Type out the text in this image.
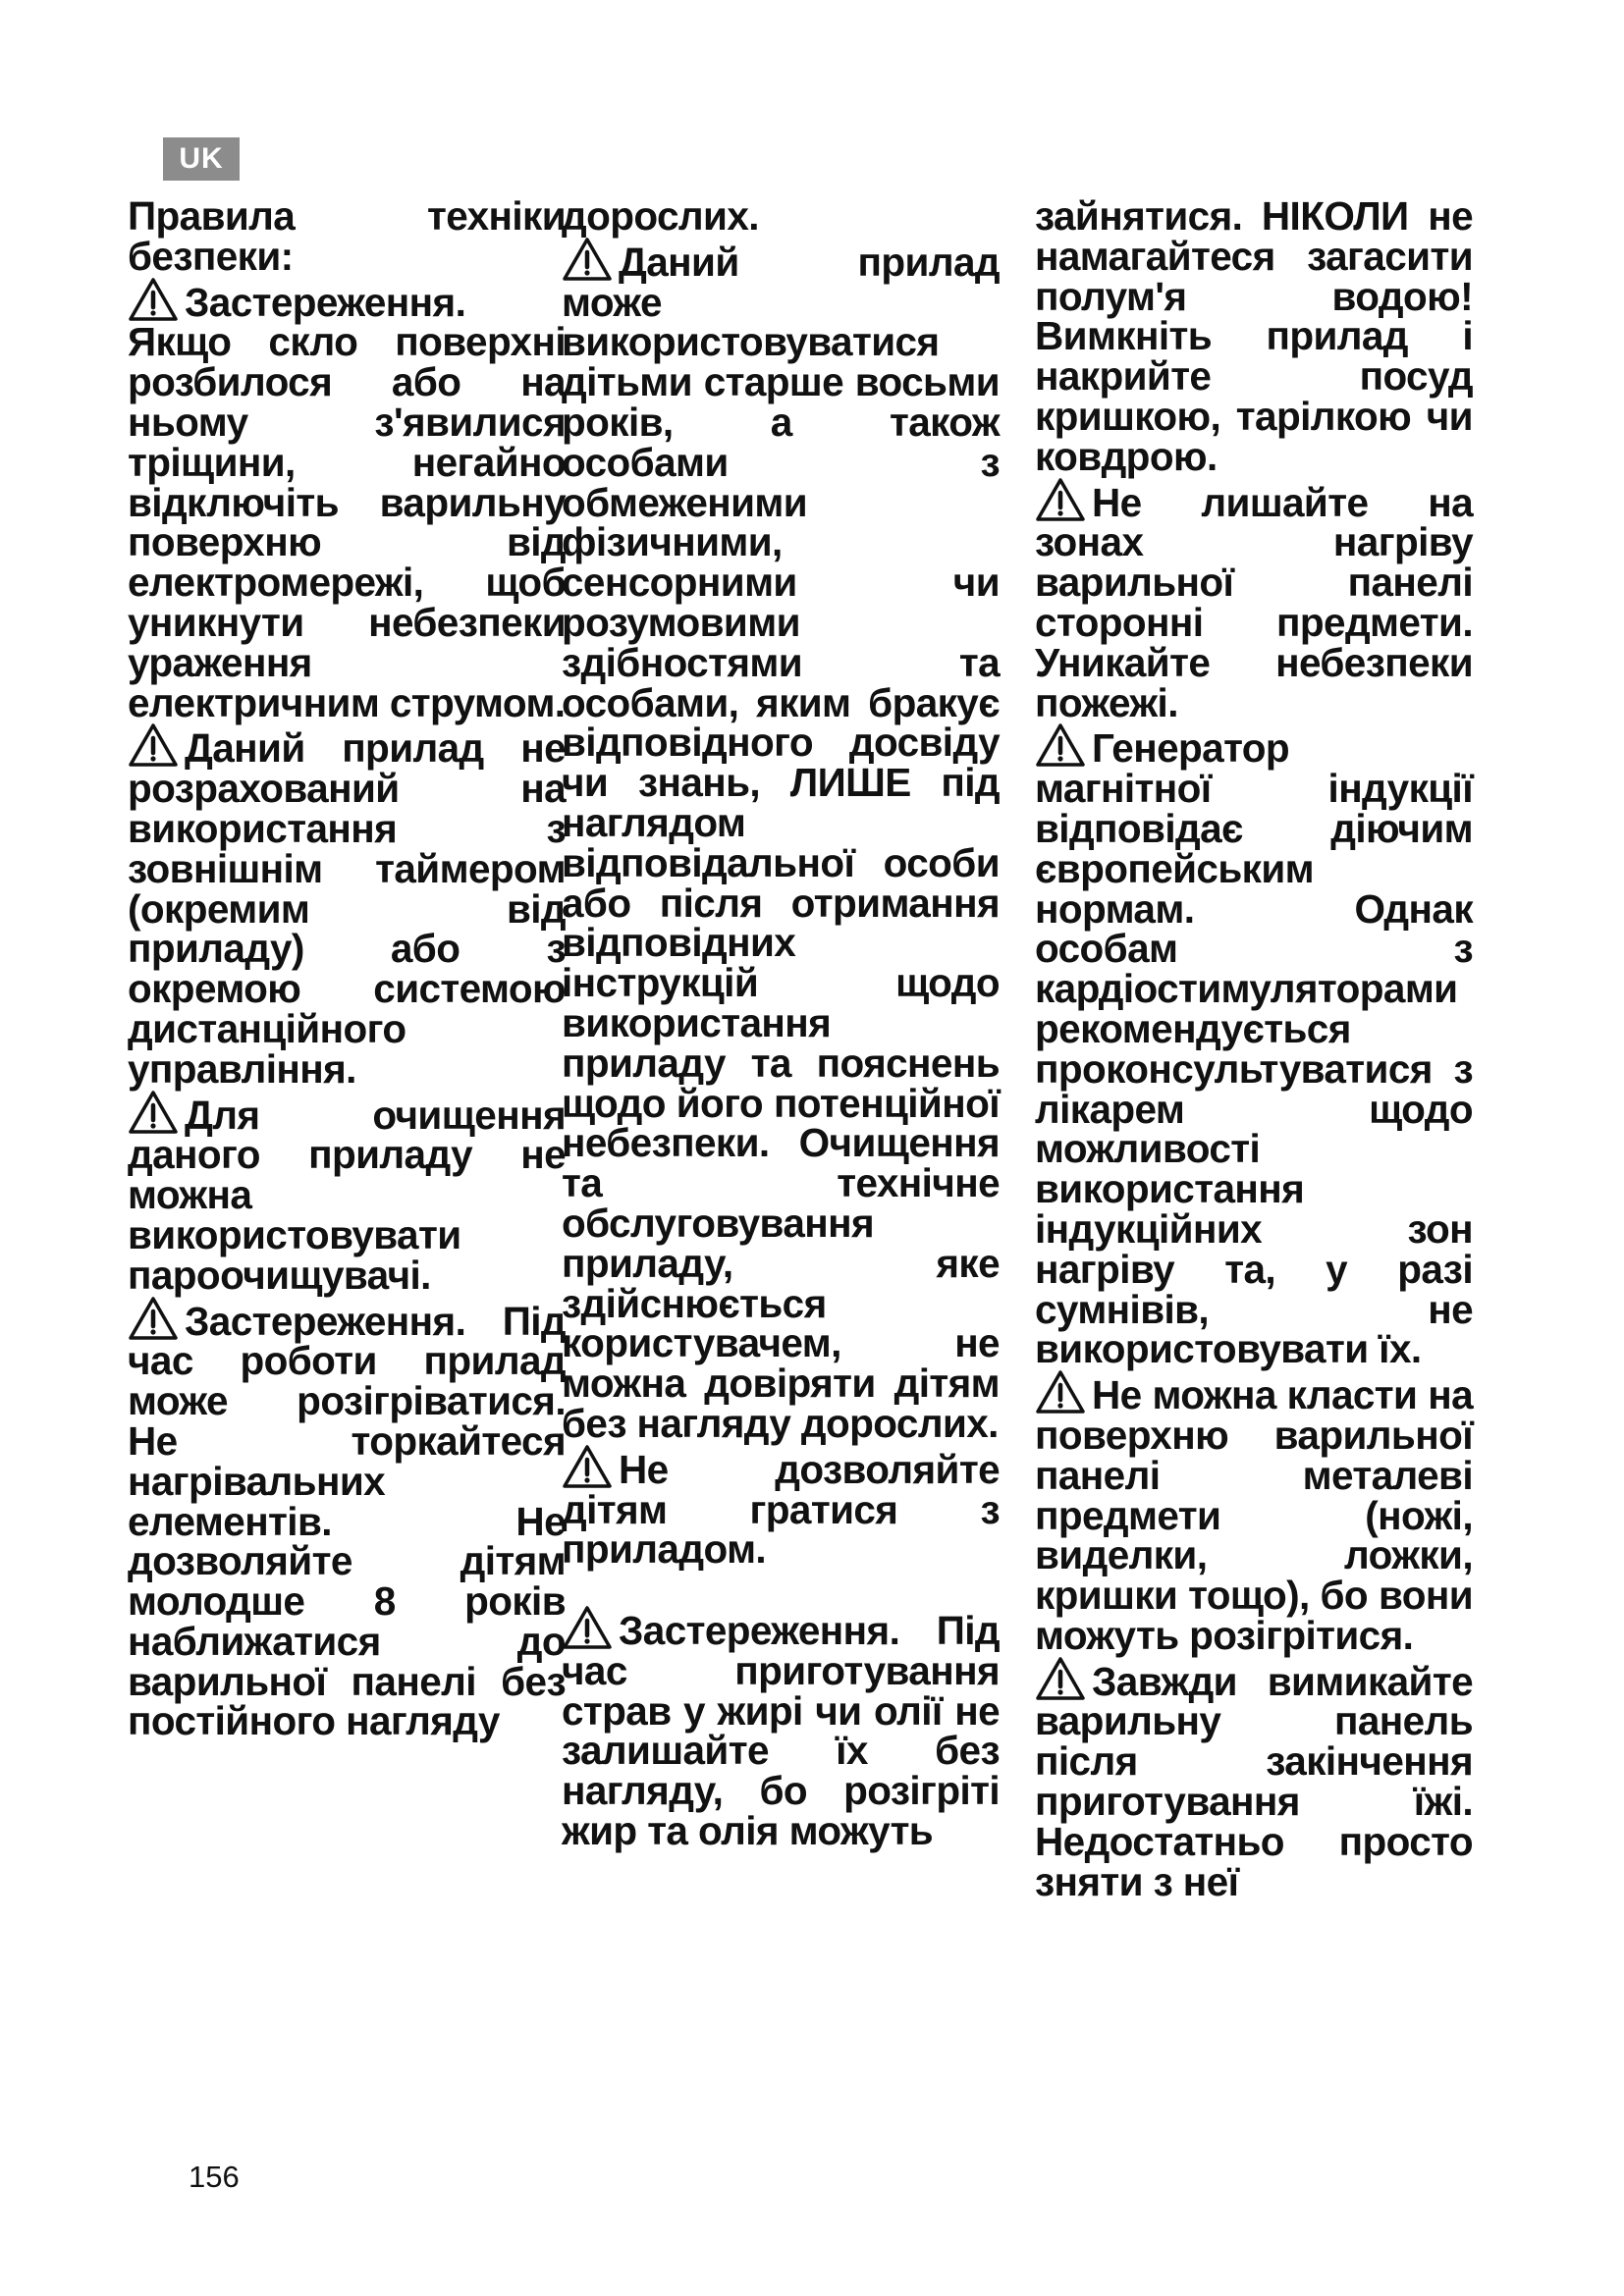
UK

Правила техніки безпеки:

Застереження. Якщо скло поверхні розбилося або на ньому з'явилися тріщини, негайно відключіть варильну поверхню від електромережі, щоб уникнути небезпеки ураження електричним струмом.

Даний прилад не розрахований на використання з зовнішнім таймером (окремим від приладу) або з окремою системою дистанційного управління.

Для очищення даного приладу не можна використовувати пароочищувачі.

Застереження. Під час роботи прилад може розігріватися. Не торкайтеся нагрівальних елементів. Не дозволяйте дітям молодше 8 років наближатися до варильної панелі без постійного нагляду

дорослих.

Даний прилад може використовуватися дітьми старше восьми років, а також особами з обмеженими фізичними, сенсорними чи розумовими здібностями та особами, яким бракує відповідного досвіду чи знань, ЛИШЕ під наглядом відповідальної особи або після отримання відповідних інструкцій щодо використання приладу та пояснень щодо його потенційної небезпеки. Очищення та технічне обслуговування приладу, яке здійснюється користувачем, не можна довіряти дітям без нагляду дорослих.

Не дозволяйте дітям гратися з приладом.

Застереження. Під час приготування страв у жирі чи олії не залишайте їх без нагляду, бо розігріті жир та олія можуть

зайнятися. НІКОЛИ не намагайтеся загасити полум'я водою! Вимкніть прилад і накрийте посуд кришкою, тарілкою чи ковдрою.

Не лишайте на зонах нагріву варильної панелі сторонні предмети. Уникайте небезпеки пожежі.

Генератор магнітної індукції відповідає діючим європейським нормам. Однак особам з кардіостимуляторами рекомендується проконсультуватися з лікарем щодо можливості використання індукційних зон нагріву та, у разі сумнівів, не використовувати їх.

Не можна класти на поверхню варильної панелі металеві предмети (ножі, виделки, ложки, кришки тощо), бо вони можуть розігрітися.

Завжди вимикайте варильну панель після закінчення приготування їжі. Недостатньо просто зняти з неї

156
